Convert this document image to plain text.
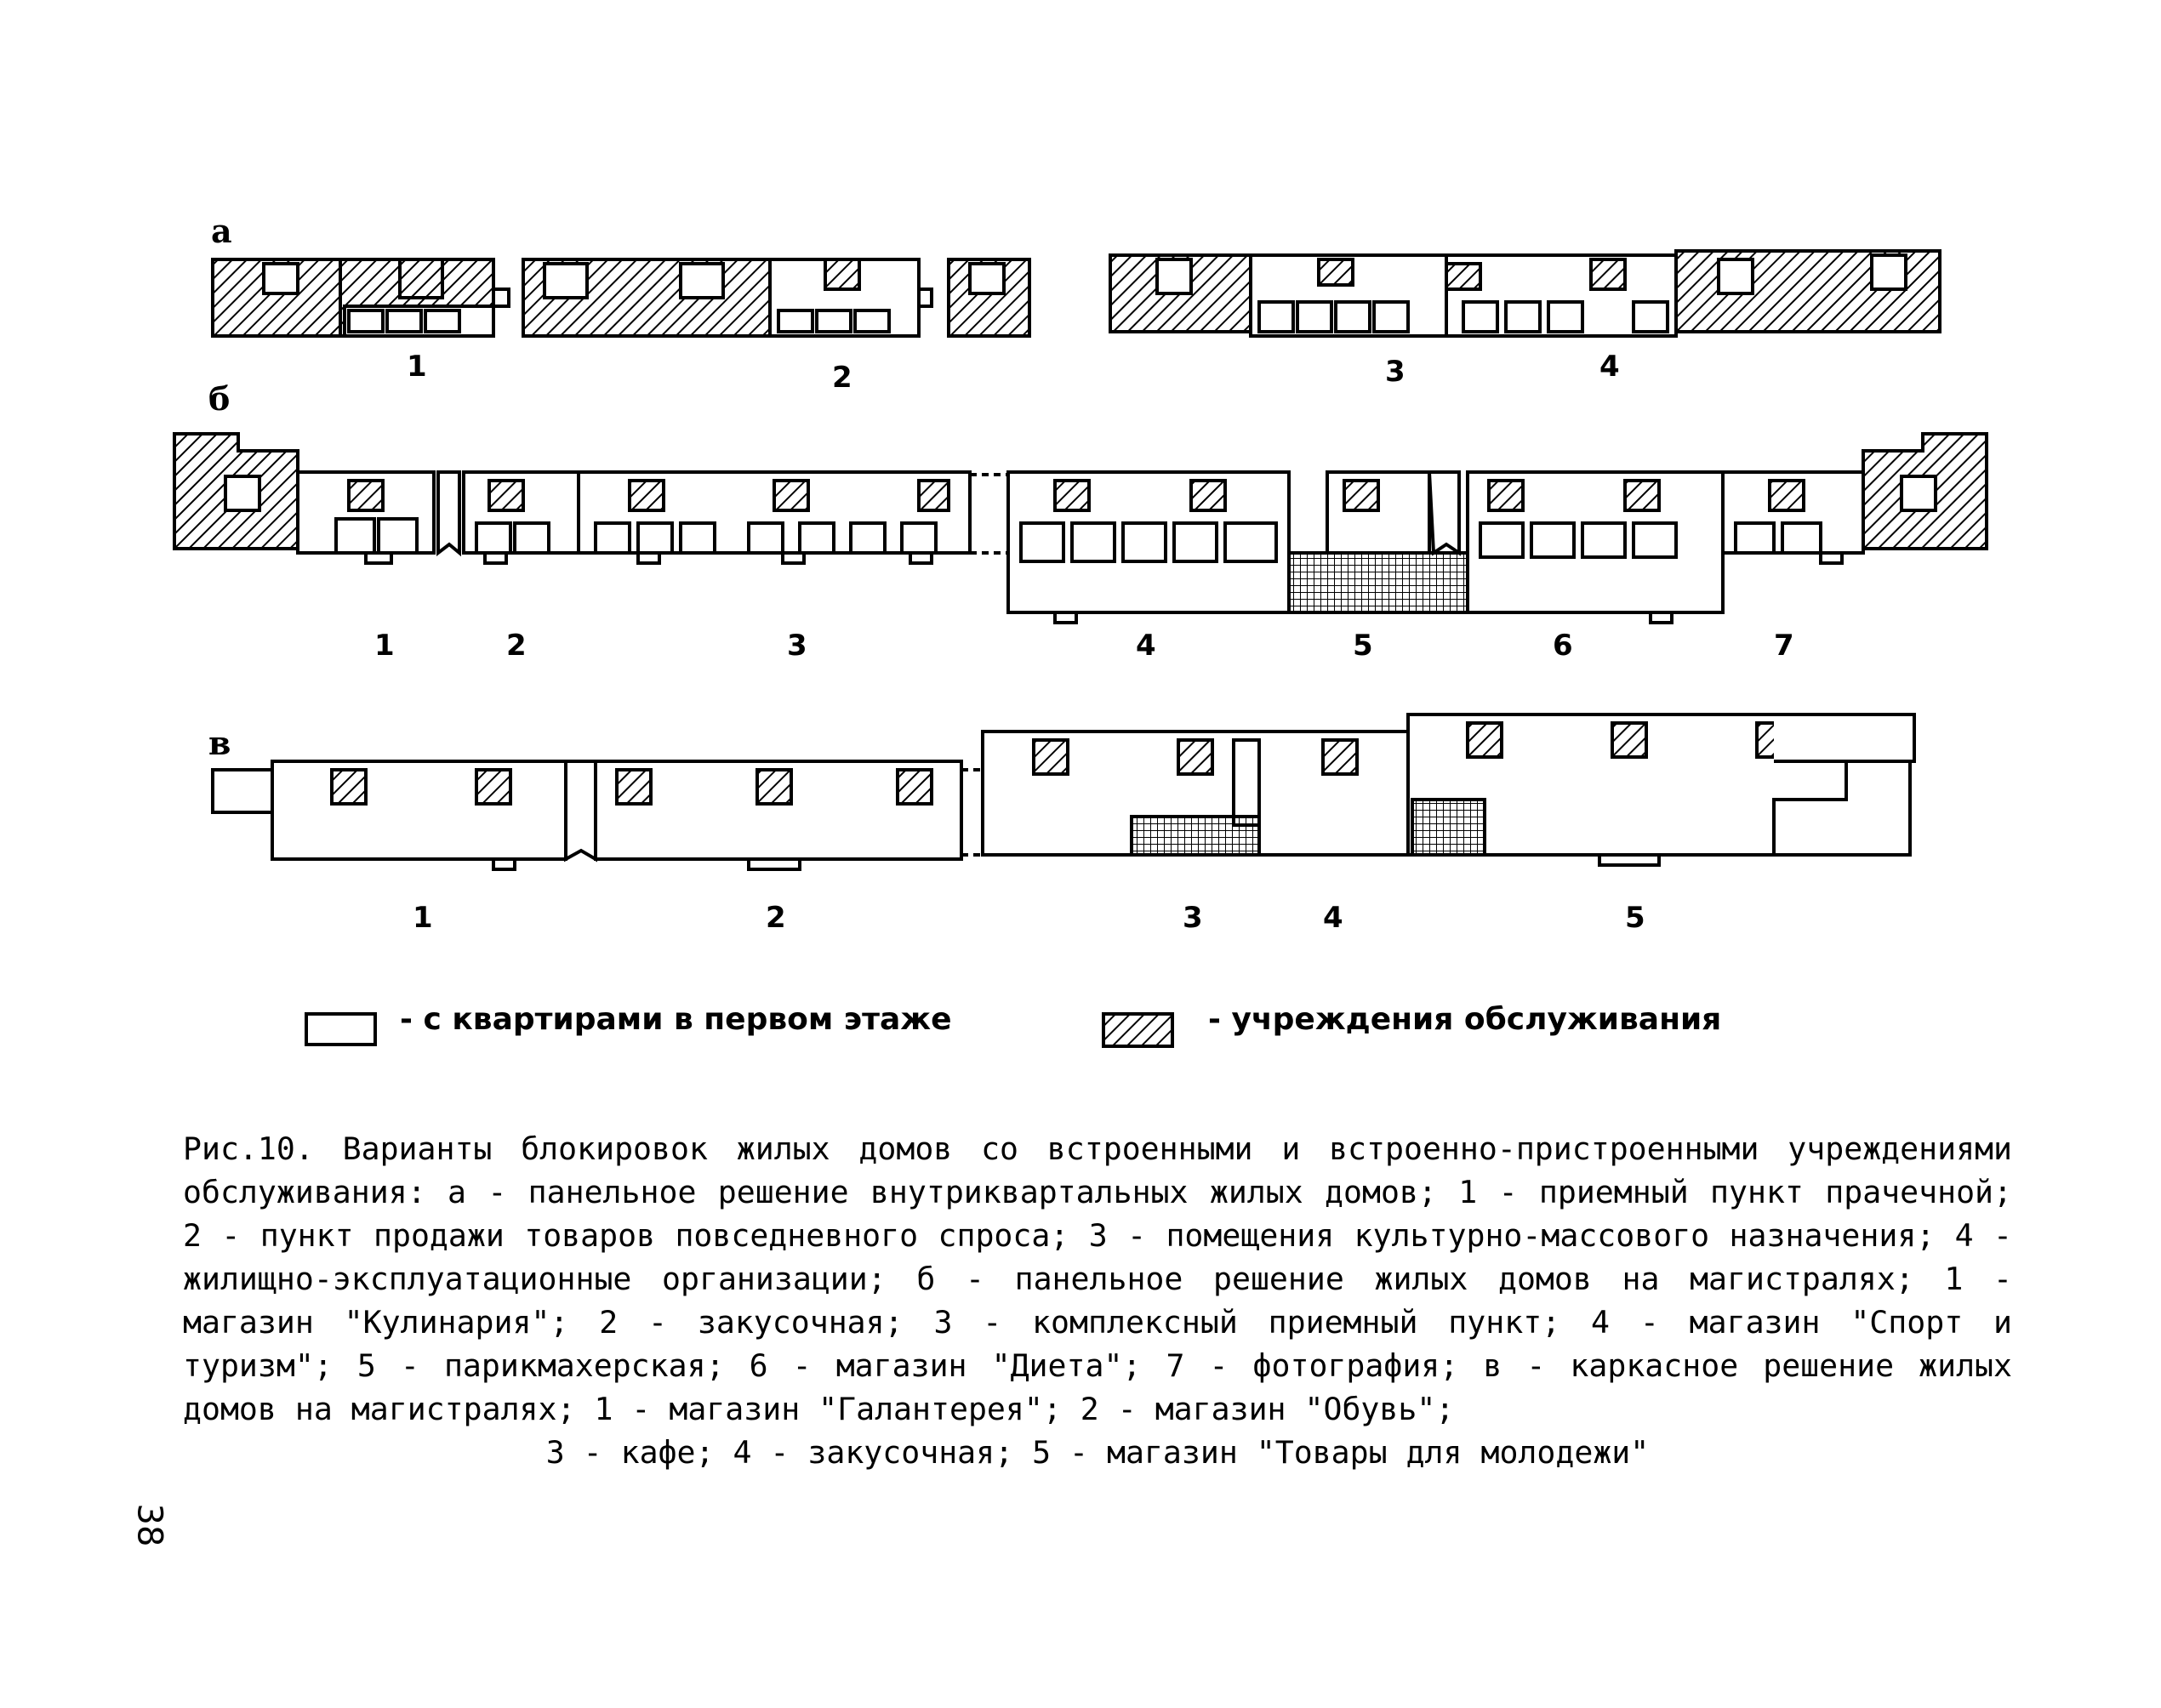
а
б
в
1	2	3	4
1	2	3	4	5	6	7
1	2	3	4	5
- с квартирами в первом этаже	- учреждения обслуживания
Рис.10. Варианты блокировок жилых домов со встроенными и встроенно-пристроенными учреждениями обслуживания: а - панельное решение внутриквартальных жилых домов; 1 - приемный пункт прачечной; 2 - пункт продажи товаров повседневного спроса; 3 - помещения культурно-массового назначения; 4 - жилищно-эксплуатационные организации; б - панельное решение жилых домов на магистралях; 1 - магазин "Кулинария"; 2 - закусочная; 3 - комплексный приемный пункт; 4 - магазин "Спорт и туризм"; 5 - парикмахерская; 6 - магазин "Диета"; 7 - фотография; в - каркасное решение жилых домов на магистралях; 1 - магазин "Галантерея"; 2 - магазин "Обувь";
3 - кафе; 4 - закусочная; 5 - магазин "Товары для молодежи"
38
